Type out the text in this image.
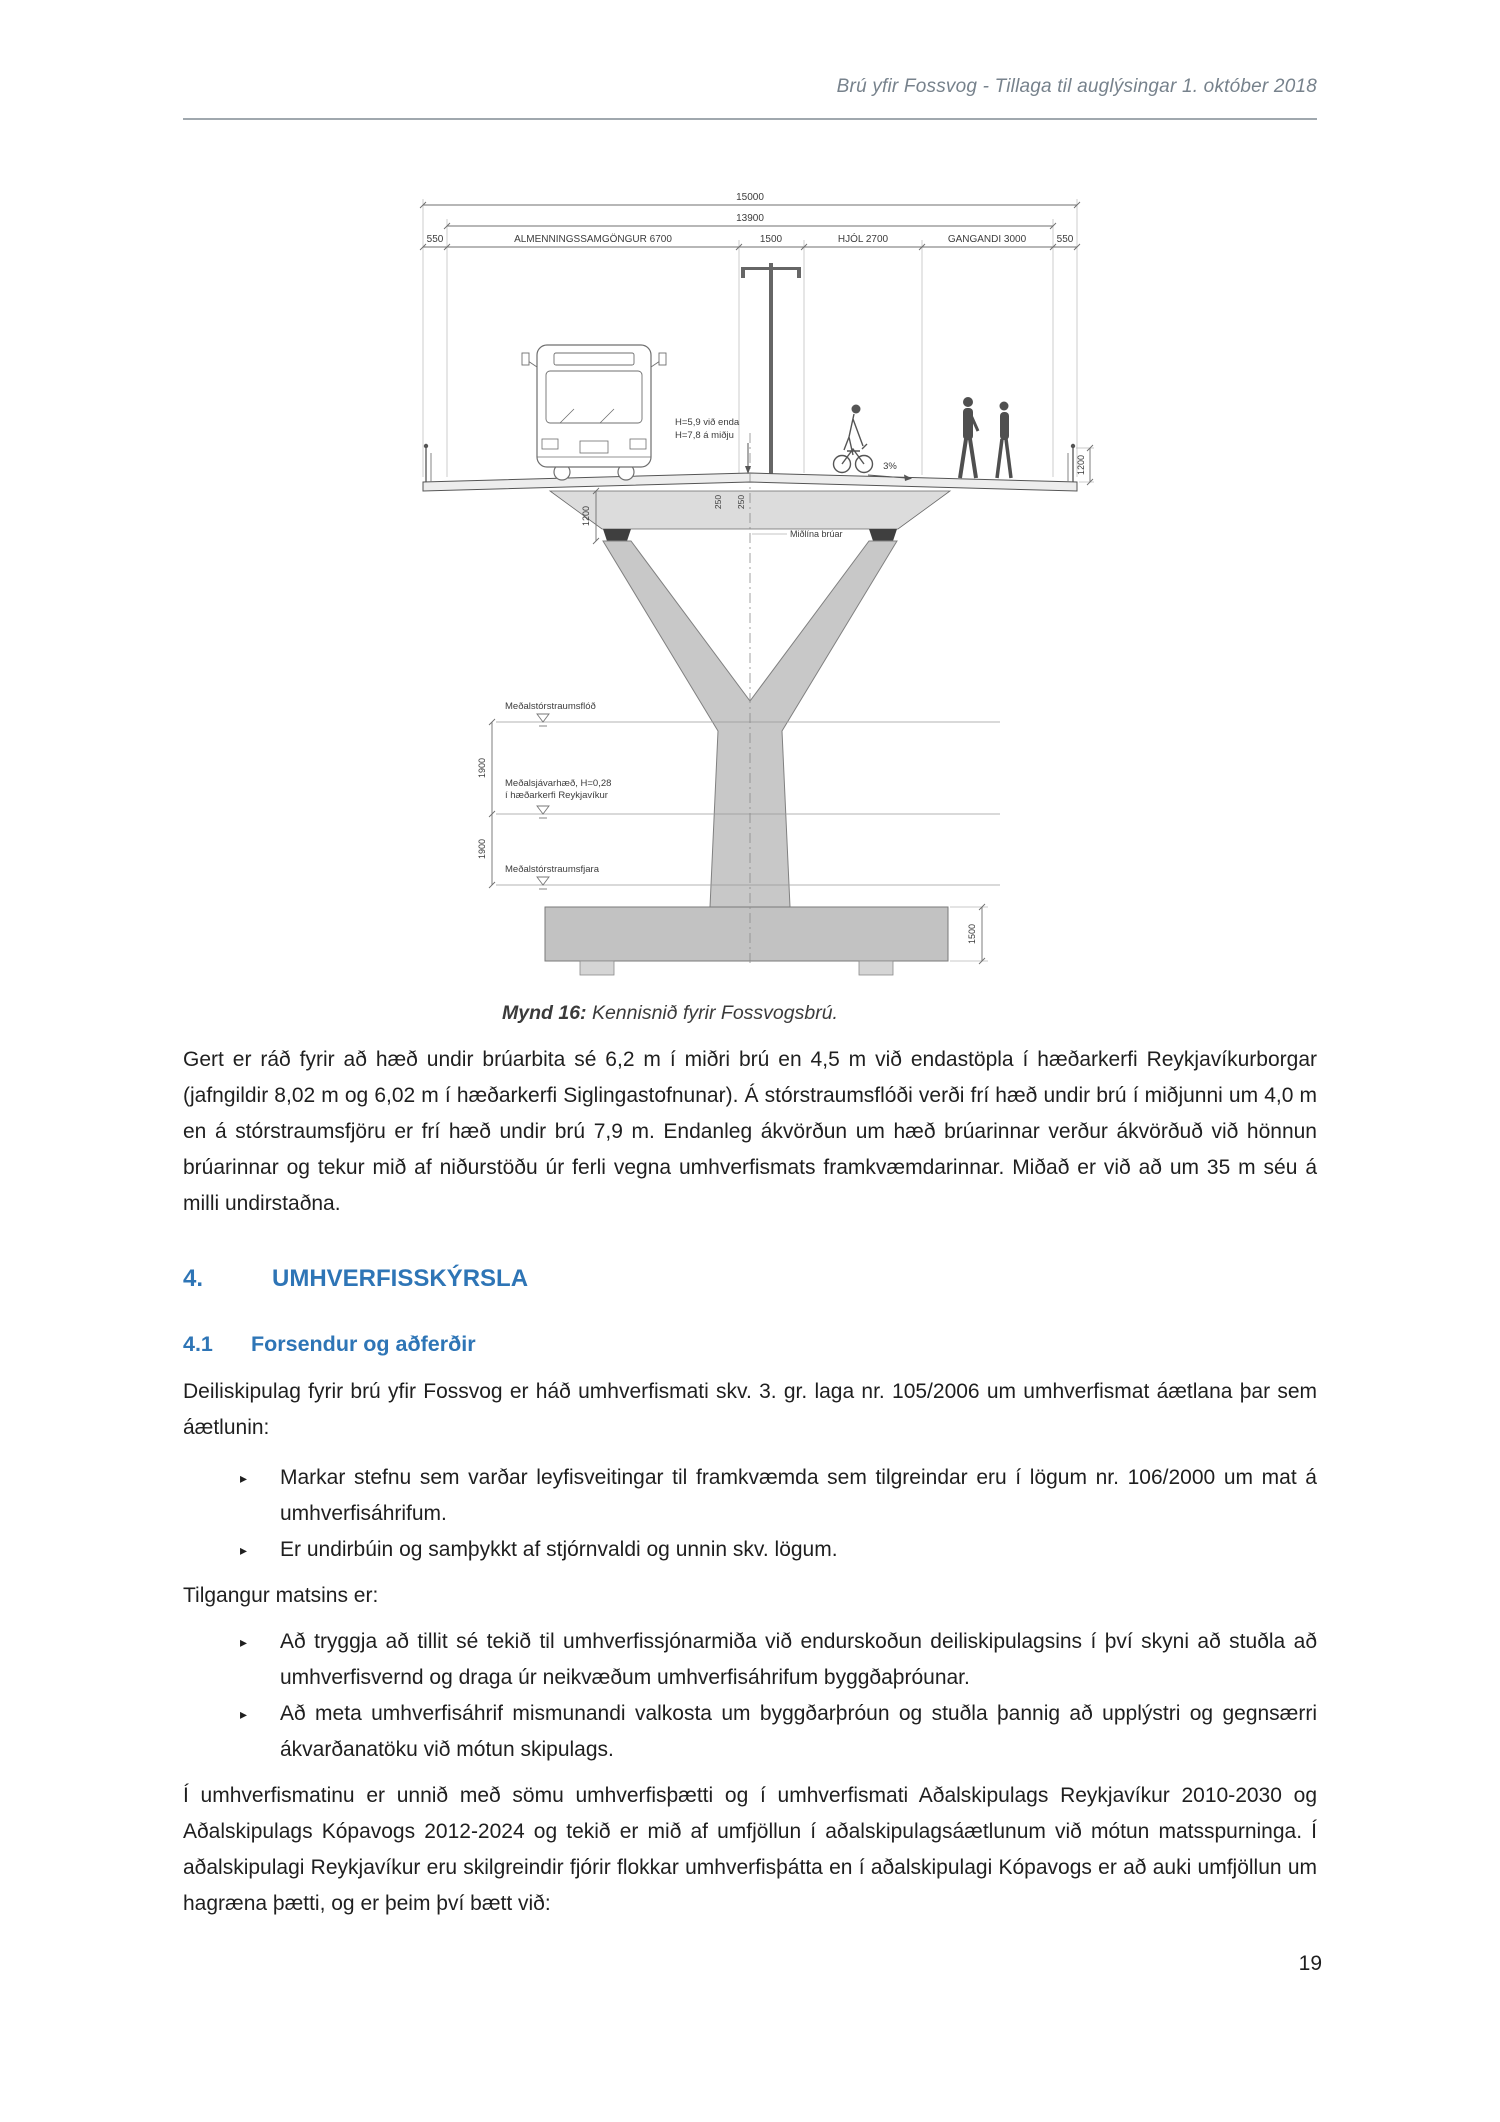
Brú yfir Fossvog - Tillaga til auglýsingar 1. október 2018
15000
13900
550	ALMENNINGSSAMGÖNGUR 6700	1500	HJÓL 2700	GANGANDI 3000	550
Meðalstórstraumsflóð
Meðalsjávarhæð, H=0,28
í hæðarkerfi Reykjavíkur
Meðalstórstraumsfjara
Miðlína brúar
H=5,9 við enda
H=7,8 á miðju
3%	1200
1200
250 250
1900
1900
1500
Mynd 16: Kennisnið fyrir Fossvogsbrú.

Gert er ráð fyrir að hæð undir brúarbita sé 6,2 m í miðri brú en 4,5 m við endastöpla í hæðarkerfi Reykjavíkurborgar (jafngildir 8,02 m og 6,02 m í hæðarkerfi Siglingastofnunar). Á stórstraumsflóði verði frí hæð undir brú í miðjunni um 4,0 m en á stórstraumsfjöru er frí hæð undir brú 7,9 m. Endanleg ákvörðun um hæð brúarinnar verður ákvörðuð við hönnun brúarinnar og tekur mið af niðurstöðu úr ferli vegna umhverfismats framkvæmdarinnar. Miðað er við að um 35 m séu á milli undirstaðna.

4.	UMHVERFISSKÝRSLA
4.1 Forsendur og aðferðir

Deiliskipulag fyrir brú yfir Fossvog er háð umhverfismati skv. 3. gr. laga nr. 105/2006 um umhverfismat áætlana þar sem áætlunin:

▸ Markar stefnu sem varðar leyfisveitingar til framkvæmda sem tilgreindar eru í lögum nr. 106/2000 um mat á umhverfisáhrifum.
▸ Er undirbúin og samþykkt af stjórnvaldi og unnin skv. lögum.

Tilgangur matsins er:

▸ Að tryggja að tillit sé tekið til umhverfissjónarmiða við endurskoðun deiliskipulagsins í því skyni að stuðla að umhverfisvernd og draga úr neikvæðum umhverfisáhrifum byggðaþróunar.
▸ Að meta umhverfisáhrif mismunandi valkosta um byggðarþróun og stuðla þannig að upplýstri og gegnsærri ákvarðanatöku við mótun skipulags.

Í umhverfismatinu er unnið með sömu umhverfisþætti og í umhverfismati Aðalskipulags Reykjavíkur 2010-2030 og Aðalskipulags Kópavogs 2012-2024 og tekið er mið af umfjöllun í aðalskipulagsáætlunum við mótun matsspurninga. Í aðalskipulagi Reykjavíkur eru skilgreindir fjórir flokkar umhverfisþátta en í aðalskipulagi Kópavogs er að auki umfjöllun um hagræna þætti, og er þeim því bætt við:

19
